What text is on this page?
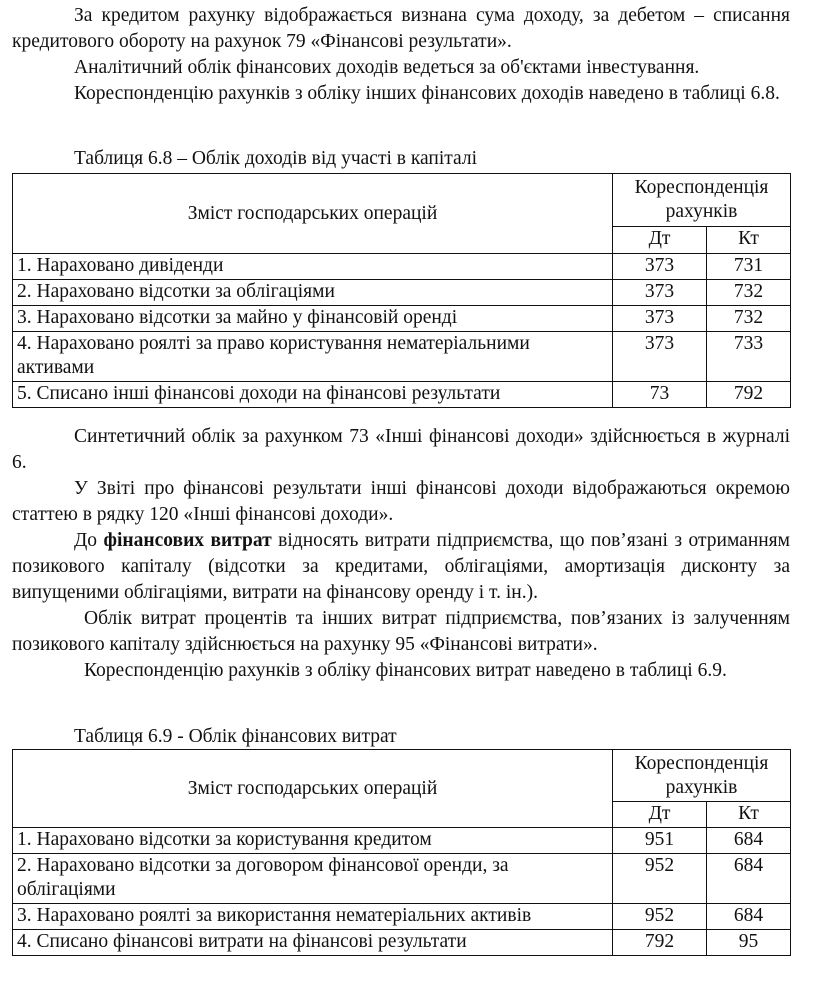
За кредитом рахунку відображається визнана сума доходу, за дебетом – списання кредитового обороту на рахунок 79 «Фінансові результати».

Аналітичний облік фінансових доходів ведеться за об'єктами інвестування.

Кореспонденцію рахунків з обліку інших фінансових доходів наведено в таблиці 6.8.

Таблиця 6.8 – Облік доходів від участі в капіталі
Зміст господарських операцій	Кореспонденція рахунків	
	Дт	Кт
1. Нараховано дивіденди	373	731
2. Нараховано відсотки за облігаціями	373	732
3. Нараховано відсотки за майно у фінансовій оренді	373	732
4. Нараховано роялті за право користування нематеріальними активами	373	733
5. Списано інші фінансові доходи на фінансові результати	73	792

Синтетичний облік за рахунком 73 «Інші фінансові доходи» здійснюється в журналі 6.

У Звіті про фінансові результати інші фінансові доходи відображаються окремою статтею в рядку 120 «Інші фінансові доходи».

До фінансових витрат відносять витрати підприємства, що пов’язані з отриманням позикового капіталу (відсотки за кредитами, облігаціями, амортизація дисконту за випущеними облігаціями, витрати на фінансову оренду і т. ін.).

Облік витрат процентів та інших витрат підприємства, пов’язаних із залученням позикового капіталу здійснюється на рахунку 95 «Фінансові витрати».

Кореспонденцію рахунків з обліку фінансових витрат наведено в таблиці 6.9.

Таблиця 6.9 - Облік фінансових витрат
Зміст господарських операцій	Кореспонденція рахунків	
	Дт	Кт
1. Нараховано відсотки за користування кредитом	951	684
2. Нараховано відсотки за договором фінансової оренди, за облігаціями	952	684
3. Нараховано роялті за використання нематеріальних активів	952	684
4. Списано фінансові витрати на фінансові результати	792	95
